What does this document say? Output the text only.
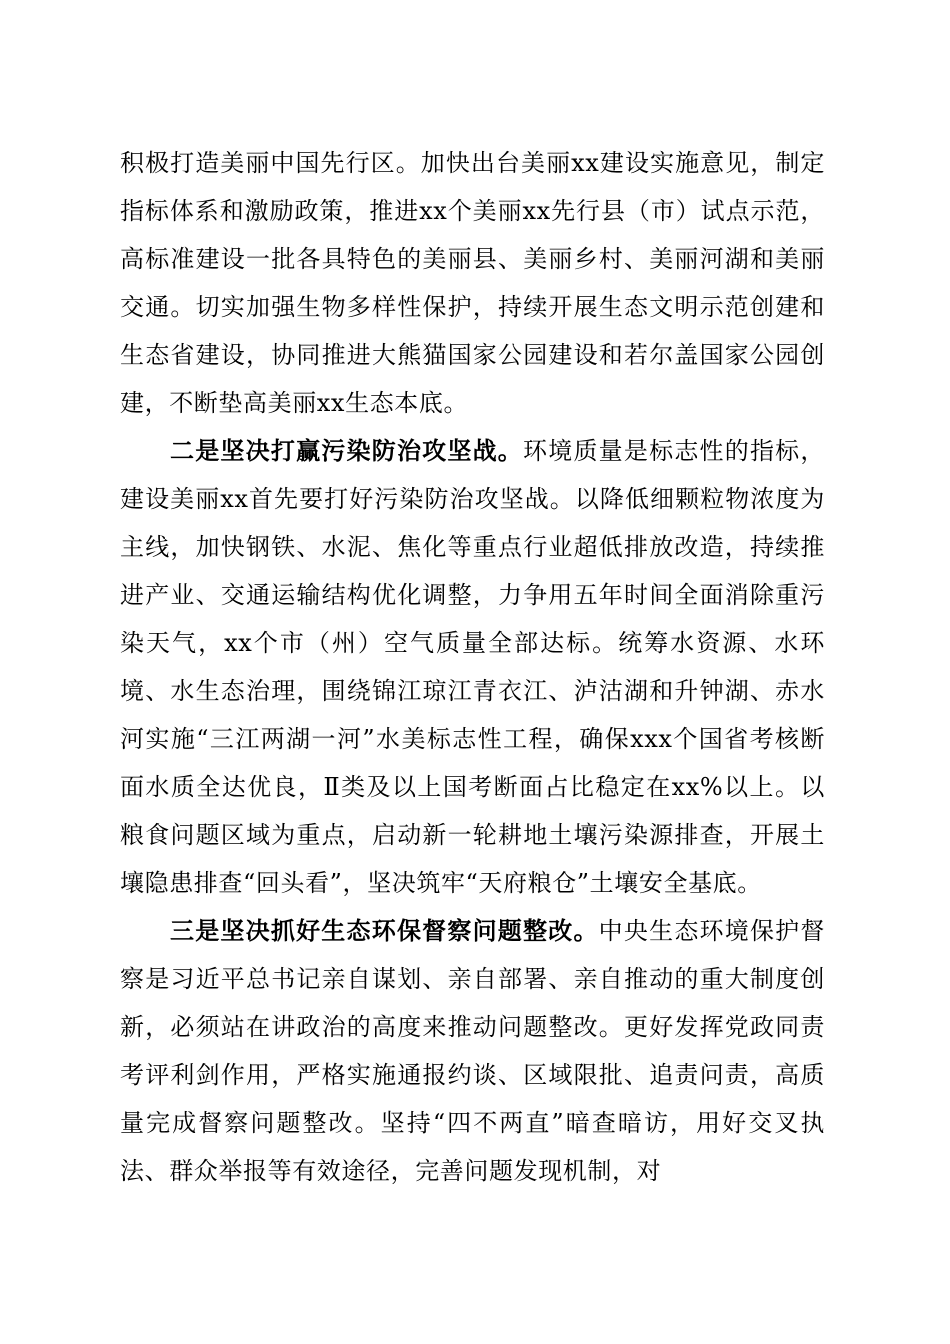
积极打造美丽中国先行区。加快出台美丽xx建设实施意见，制定指标体系和激励政策，推进xx个美丽xx先行县（市）试点示范，高标准建设一批各具特色的美丽县、美丽乡村、美丽河湖和美丽交通。切实加强生物多样性保护，持续开展生态文明示范创建和生态省建设，协同推进大熊猫国家公园建设和若尔盖国家公园创建，不断垫高美丽xx生态本底。

二是坚决打赢污染防治攻坚战。环境质量是标志性的指标，建设美丽xx首先要打好污染防治攻坚战。以降低细颗粒物浓度为主线，加快钢铁、水泥、焦化等重点行业超低排放改造，持续推进产业、交通运输结构优化调整，力争用五年时间全面消除重污染天气，xx个市（州）空气质量全部达标。统筹水资源、水环境、水生态治理，围绕锦江琼江青衣江、泸沽湖和升钟湖、赤水河实施“三江两湖一河”水美标志性工程，确保xxx个国省考核断面水质全达优良，Ⅱ类及以上国考断面占比稳定在xx%以上。以粮食问题区域为重点，启动新一轮耕地土壤污染源排查，开展土壤隐患排查“回头看”，坚决筑牢“天府粮仓”土壤安全基底。

三是坚决抓好生态环保督察问题整改。中央生态环境保护督察是习近平总书记亲自谋划、亲自部署、亲自推动的重大制度创新，必须站在讲政治的高度来推动问题整改。更好发挥党政同责考评利剑作用，严格实施通报约谈、区域限批、追责问责，高质量完成督察问题整改。坚持“四不两直”暗查暗访，用好交叉执法、群众举报等有效途径，完善问题发现机制，对
